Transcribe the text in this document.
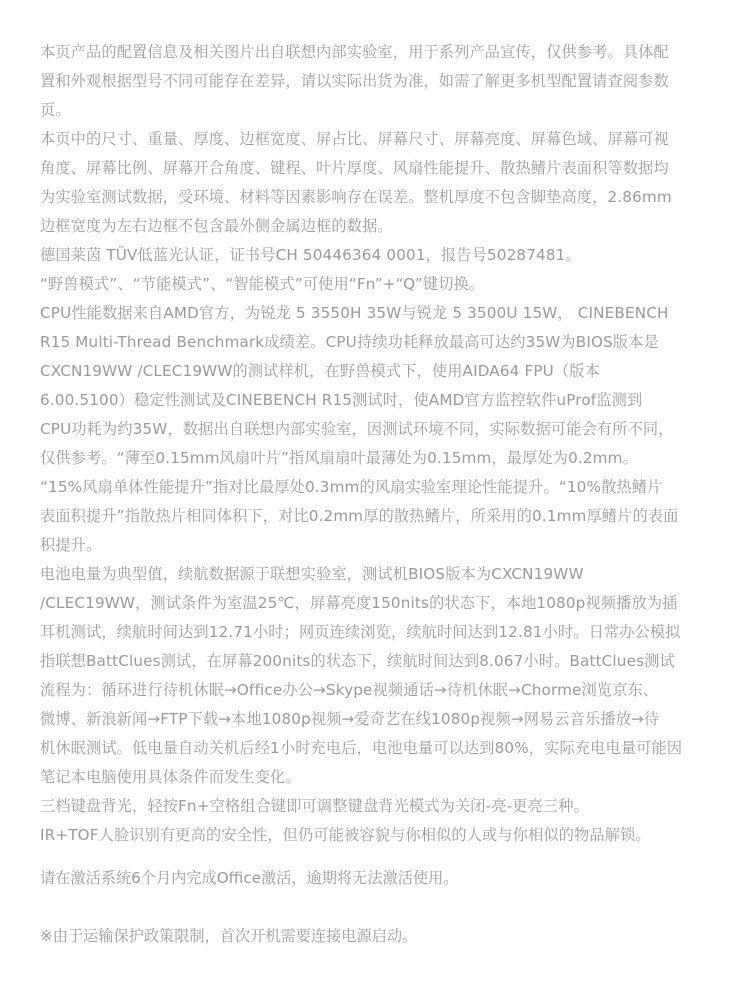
本页产品的配置信息及相关图片出自联想内部实验室，用于系列产品宣传，仅供参考。具体配
置和外观根据型号不同可能存在差异，请以实际出货为准，如需了解更多机型配置请查阅参数
页。

本页中的尺寸、重量、厚度、边框宽度、屏占比、屏幕尺寸、屏幕亮度、屏幕色域、屏幕可视
角度、屏幕比例、屏幕开合角度、键程、叶片厚度、风扇性能提升、散热鳍片表面积等数据均
为实验室测试数据，受环境、材料等因素影响存在误差。整机厚度不包含脚垫高度，2.86mm
边框宽度为左右边框不包含最外侧金属边框的数据。

德国莱茵 TÜV低蓝光认证，证书号CH 50446364 0001，报告号50287481。

“野兽模式”、“节能模式”、“智能模式”可使用“Fn”+“Q”键切换。

CPU性能数据来自AMD官方，为锐龙 5 3550H 35W与锐龙 5 3500U 15W， CINEBENCH
R15 Multi-Thread Benchmark成绩差。CPU持续功耗释放最高可达约35W为BIOS版本是
CXCN19WW /CLEC19WW的测试样机，在野兽模式下，使用AIDA64 FPU（版本
6.00.5100）稳定性测试及CINEBENCH R15测试时，使AMD官方监控软件uProf监测到
CPU功耗为约35W，数据出自联想内部实验室，因测试环境不同，实际数据可能会有所不同，
仅供参考。“薄至0.15mm风扇叶片”指风扇扇叶最薄处为0.15mm，最厚处为0.2mm。

“15%风扇单体性能提升”指对比最厚处0.3mm的风扇实验室理论性能提升。“10%散热鳍片
表面积提升”指散热片相同体积下，对比0.2mm厚的散热鳍片，所采用的0.1mm厚鳍片的表面
积提升。

电池电量为典型值，续航数据源于联想实验室，测试机BIOS版本为CXCN19WW
/CLEC19WW，测试条件为室温25℃，屏幕亮度150nits的状态下，本地1080p视频播放为插
耳机测试，续航时间达到12.71小时；网页连续浏览，续航时间达到12.81小时。日常办公模拟
指联想BattClues测试，在屏幕200nits的状态下，续航时间达到8.067小时。BattClues测试
流程为：循环进行待机休眠→Office办公→Skype视频通话→待机休眠→Chorme浏览京东、
微博、新浪新闻→FTP下载→本地1080p视频→爱奇艺在线1080p视频→网易云音乐播放→待
机休眠测试。低电量自动关机后经1小时充电后，电池电量可以达到80%，实际充电电量可能因
笔记本电脑使用具体条件而发生变化。

三档键盘背光，轻按Fn+空格组合键即可调整键盘背光模式为关闭-亮-更亮三种。

IR+TOF人脸识别有更高的安全性，但仍可能被容貌与你相似的人或与你相似的物品解锁。

请在激活系统6个月内完成Office激活，逾期将无法激活使用。

※由于运输保护政策限制，首次开机需要连接电源启动。
